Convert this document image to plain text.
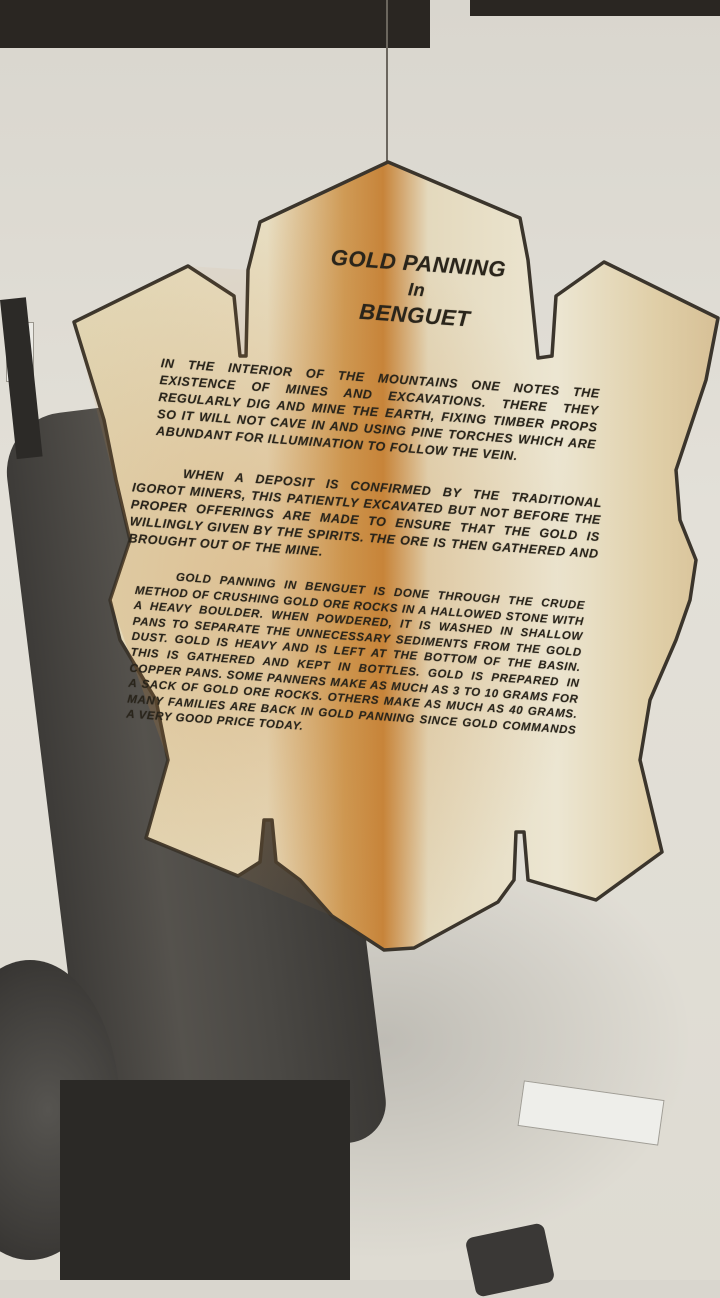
GOLD PANNING
In
BENGUET

IN THE INTERIOR OF THE MOUNTAINS ONE NOTES THE EXISTENCE OF MINES AND EXCAVATIONS. THERE THEY REGULARLY DIG AND MINE THE EARTH, FIXING TIMBER PROPS SO IT WILL NOT CAVE IN AND USING PINE TORCHES WHICH ARE ABUNDANT FOR ILLUMINATION TO FOLLOW THE VEIN.

WHEN A DEPOSIT IS CONFIRMED BY THE TRADITIONAL IGOROT MINERS, THIS PATIENTLY EXCAVATED BUT NOT BEFORE THE PROPER OFFERINGS ARE MADE TO ENSURE THAT THE GOLD IS WILLINGLY GIVEN BY THE SPIRITS. THE ORE IS THEN GATHERED AND BROUGHT OUT OF THE MINE.

GOLD PANNING IN BENGUET IS DONE THROUGH THE CRUDE METHOD OF CRUSHING GOLD ORE ROCKS IN A HALLOWED STONE WITH A HEAVY BOULDER. WHEN POWDERED, IT IS WASHED IN SHALLOW PANS TO SEPARATE THE UNNECESSARY SEDIMENTS FROM THE GOLD DUST. GOLD IS HEAVY AND IS LEFT AT THE BOTTOM OF THE BASIN. THIS IS GATHERED AND KEPT IN BOTTLES. GOLD IS PREPARED IN COPPER PANS. SOME PANNERS MAKE AS MUCH AS 3 TO 10 GRAMS FOR A SACK OF GOLD ORE ROCKS. OTHERS MAKE AS MUCH AS 40 GRAMS. MANY FAMILIES ARE BACK IN GOLD PANNING SINCE GOLD COMMANDS A VERY GOOD PRICE TODAY.
